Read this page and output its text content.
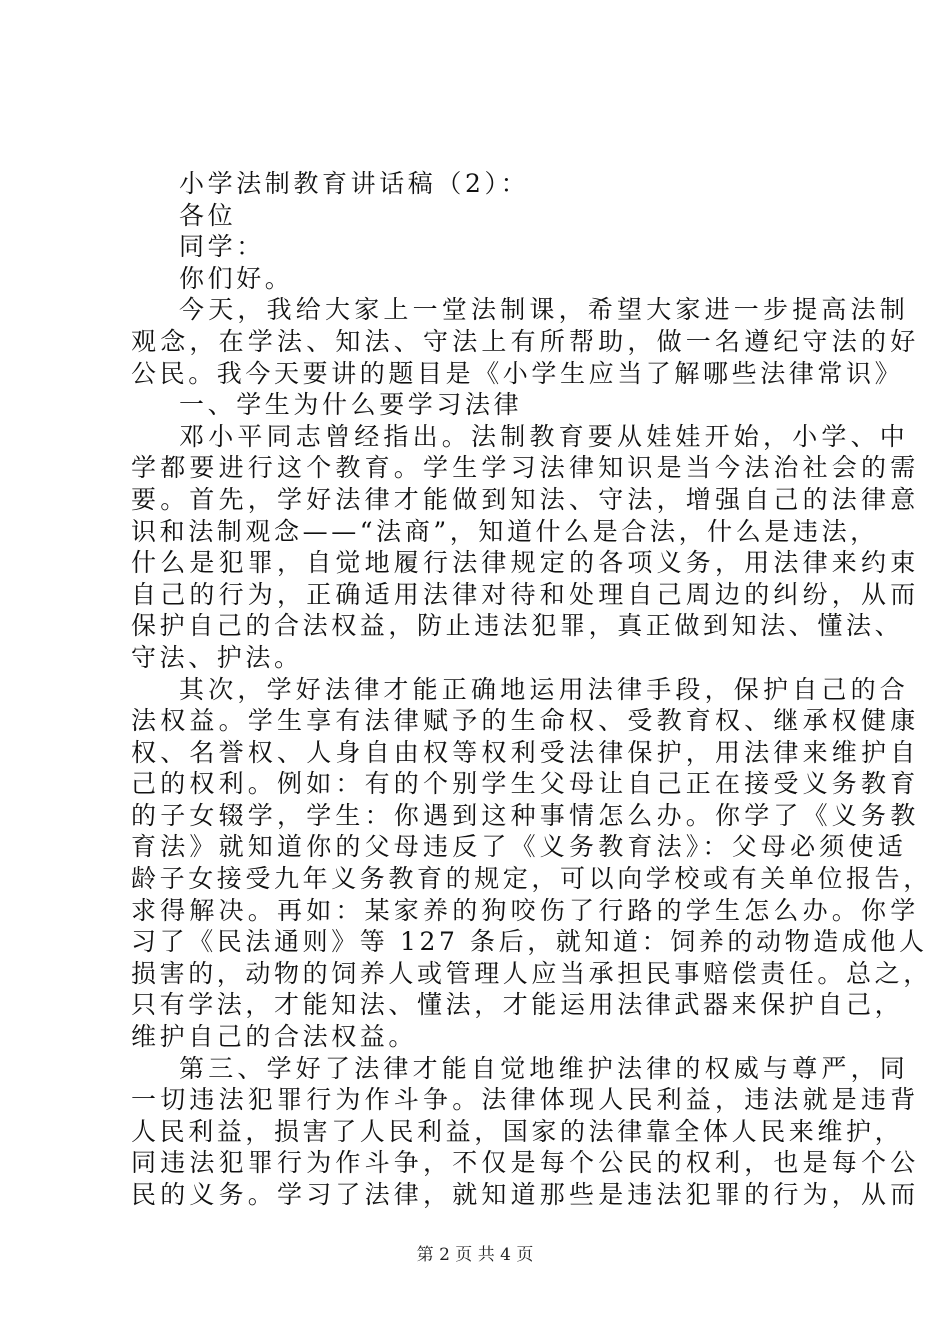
小学法制教育讲话稿（2）：
各位
同学：
你们好。
今天，我给大家上一堂法制课，希望大家进一步提高法制
观念，在学法、知法、守法上有所帮助，做一名遵纪守法的好
公民。我今天要讲的题目是《小学生应当了解哪些法律常识》
一、学生为什么要学习法律
邓小平同志曾经指出。法制教育要从娃娃开始，小学、中
学都要进行这个教育。学生学习法律知识是当今法治社会的需
要。首先，学好法律才能做到知法、守法，增强自己的法律意
识和法制观念——“法商”，知道什么是合法，什么是违法，
什么是犯罪，自觉地履行法律规定的各项义务，用法律来约束
自己的行为，正确适用法律对待和处理自己周边的纠纷，从而
保护自己的合法权益，防止违法犯罪，真正做到知法、懂法、
守法、护法。
其次，学好法律才能正确地运用法律手段，保护自己的合
法权益。学生享有法律赋予的生命权、受教育权、继承权健康
权、名誉权、人身自由权等权利受法律保护，用法律来维护自
己的权利。例如：有的个别学生父母让自己正在接受义务教育
的子女辍学，学生：你遇到这种事情怎么办。你学了《义务教
育法》就知道你的父母违反了《义务教育法》：父母必须使适
龄子女接受九年义务教育的规定，可以向学校或有关单位报告，
求得解决。再如：某家养的狗咬伤了行路的学生怎么办。你学
习了《民法通则》等 127 条后，就知道：饲养的动物造成他人
损害的，动物的饲养人或管理人应当承担民事赔偿责任。总之，
只有学法，才能知法、懂法，才能运用法律武器来保护自己，
维护自己的合法权益。
第三、学好了法律才能自觉地维护法律的权威与尊严，同
一切违法犯罪行为作斗争。法律体现人民利益，违法就是违背
人民利益，损害了人民利益，国家的法律靠全体人民来维护，
同违法犯罪行为作斗争，不仅是每个公民的权利，也是每个公
民的义务。学习了法律，就知道那些是违法犯罪的行为，从而
第 2 页 共 4 页
